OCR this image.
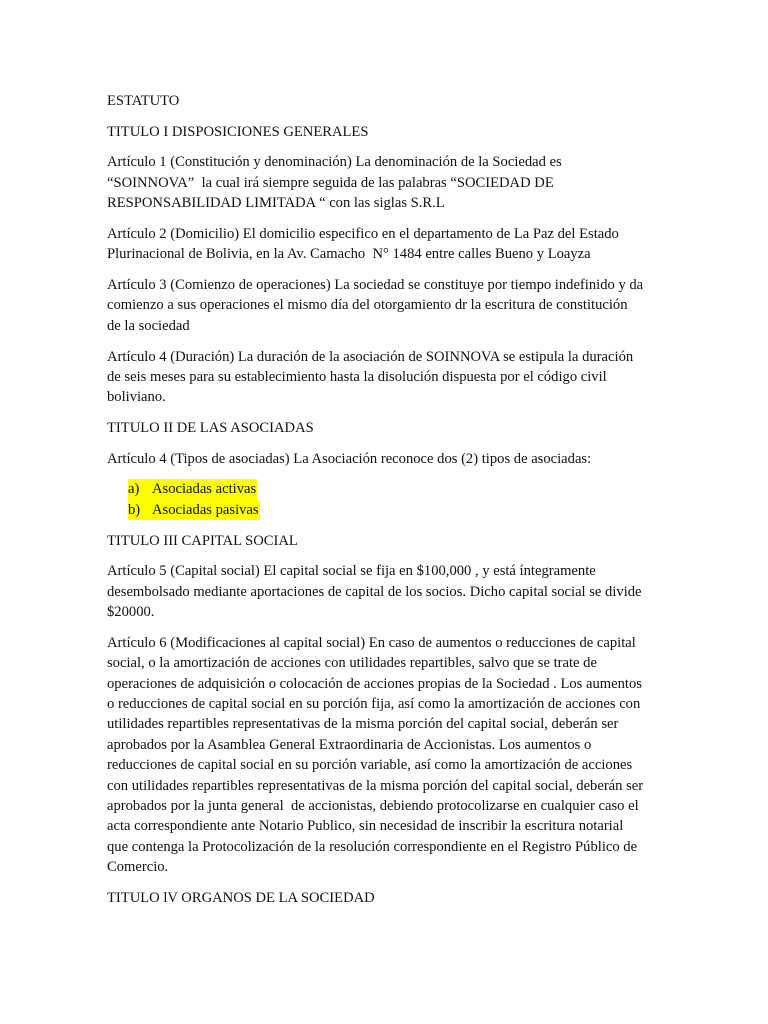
ESTATUTO

TITULO I DISPOSICIONES GENERALES

Artículo 1 (Constitución y denominación) La denominación de la Sociedad es
“SOINNOVA”  la cual irá siempre seguida de las palabras “SOCIEDAD DE
RESPONSABILIDAD LIMITADA “ con las siglas S.R.L

Artículo 2 (Domicilio) El domicilio especifico en el departamento de La Paz del Estado
Plurinacional de Bolivia, en la Av. Camacho  N° 1484 entre calles Bueno y Loayza

Artículo 3 (Comienzo de operaciones) La sociedad se constituye por tiempo indefinido y da
comienzo a sus operaciones el mismo día del otorgamiento dr la escritura de constitución
de la sociedad

Artículo 4 (Duración) La duración de la asociación de SOINNOVA se estipula la duración
de seis meses para su establecimiento hasta la disolución dispuesta por el código civil
boliviano.

TITULO II DE LAS ASOCIADAS

Artículo 4 (Tipos de asociadas) La Asociación reconoce dos (2) tipos de asociadas:

a) Asociadas activas
b) Asociadas pasivas

TITULO III CAPITAL SOCIAL

Artículo 5 (Capital social) El capital social se fija en $100,000 , y está íntegramente
desembolsado mediante aportaciones de capital de los socios. Dicho capital social se divide
$20000.

Artículo 6 (Modificaciones al capital social) En caso de aumentos o reducciones de capital
social, o la amortización de acciones con utilidades repartibles, salvo que se trate de
operaciones de adquisición o colocación de acciones propias de la Sociedad . Los aumentos
o reducciones de capital social en su porción fija, así como la amortización de acciones con
utilidades repartibles representativas de la misma porción del capital social, deberán ser
aprobados por la Asamblea General Extraordinaria de Accionistas. Los aumentos o
reducciones de capital social en su porción variable, así como la amortización de acciones
con utilidades repartibles representativas de la misma porción del capital social, deberán ser
aprobados por la junta general  de accionistas, debiendo protocolizarse en cualquier caso el
acta correspondiente ante Notario Publico, sin necesidad de inscribir la escritura notarial
que contenga la Protocolización de la resolución correspondiente en el Registro Público de
Comercio.

TITULO lV ORGANOS DE LA SOCIEDAD
